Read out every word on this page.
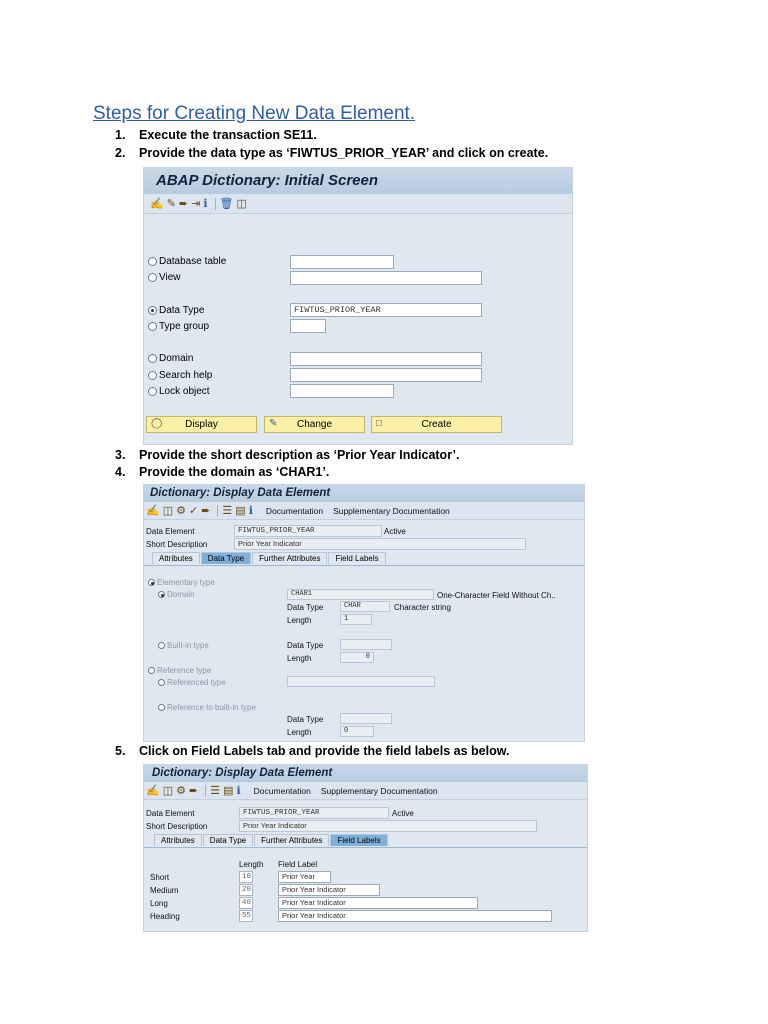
Steps for Creating New Data Element.
1. Execute the transaction SE11.
2. Provide the data type as ‘FIWTUS_PRIOR_YEAR’ and click on create.
ABAP Dictionary: Initial Screen
✍ ✎ ➨ ⇥ ℹ 🗑 ◫
Database table
View
Data Type	FIWTUS_PRIOR_YEAR
Type group
Domain
Search help
Lock object
◯ Display	✎ Change	□	Create
3. Provide the short description as ‘Prior Year Indicator’.
4. Provide the domain as ‘CHAR1’.
Dictionary: Display Data Element
✍ ◫ ⚙ ✓ ➨ ☰ ▤ ℹ Documentation Supplementary Documentation
Data Element	FIWTUS_PRIOR_YEAR	Active
Short Description	Prior Year Indicator
Attributes	Data Type	Further Attributes	Field Labels
Elementary type
Domain	CHAR1	One-Character Field Without Ch..
Data Type	CHAR	Character string
Length	1
Built-in type	Data Type
Length	0
Reference type
Referenced type
Reference to built-in type
Data Type
Length	0
5. Click on Field Labels tab and provide the field labels as below.
Dictionary: Display Data Element
✍ ◫ ⚙ ➨ ☰ ▤ ℹ Documentation Supplementary Documentation
Data Element	FIWTUS_PRIOR_YEAR	Active
Short Description	Prior Year Indicator
Attributes	Data Type	Further Attributes	Field Labels
Length Field Label
Short	10	Prior Year
Medium	20	Prior Year Indicator
Long	40	Prior Year Indicator
Heading	55	Prior Year Indicator
